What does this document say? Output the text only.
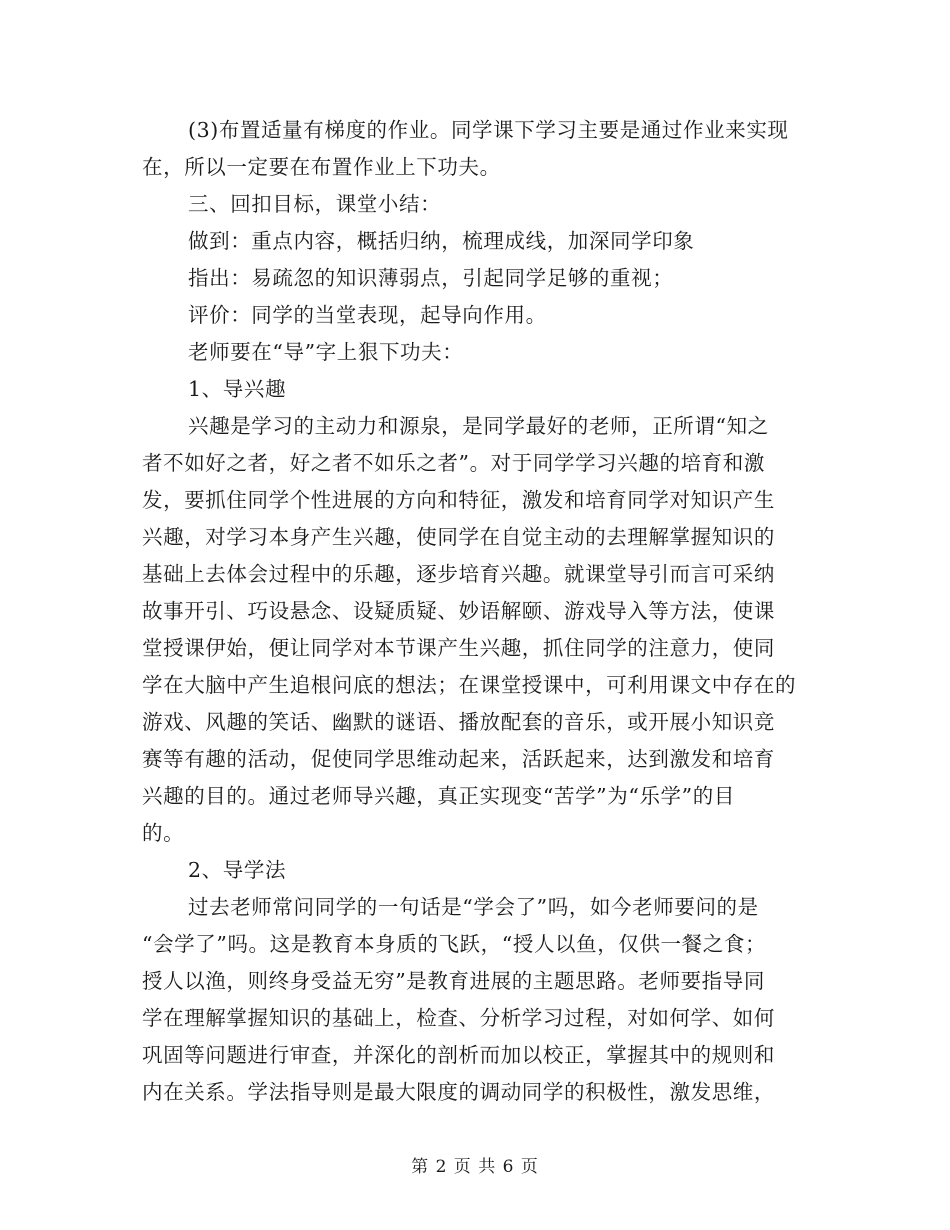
(3)布置适量有梯度的作业。同学课下学习主要是通过作业来实现
在，所以一定要在布置作业上下功夫。
三、回扣目标，课堂小结：
做到：重点内容，概括归纳，梳理成线，加深同学印象
指出：易疏忽的知识薄弱点，引起同学足够的重视；
评价：同学的当堂表现，起导向作用。
老师要在“导”字上狠下功夫：
1、导兴趣
兴趣是学习的主动力和源泉，是同学最好的老师，正所谓“知之
者不如好之者，好之者不如乐之者”。对于同学学习兴趣的培育和激
发，要抓住同学个性进展的方向和特征，激发和培育同学对知识产生
兴趣，对学习本身产生兴趣，使同学在自觉主动的去理解掌握知识的
基础上去体会过程中的乐趣，逐步培育兴趣。就课堂导引而言可采纳
故事开引、巧设悬念、设疑质疑、妙语解颐、游戏导入等方法，使课
堂授课伊始，便让同学对本节课产生兴趣，抓住同学的注意力，使同
学在大脑中产生追根问底的想法；在课堂授课中，可利用课文中存在的
游戏、风趣的笑话、幽默的谜语、播放配套的音乐，或开展小知识竞
赛等有趣的活动，促使同学思维动起来，活跃起来，达到激发和培育
兴趣的目的。通过老师导兴趣，真正实现变“苦学”为“乐学”的目
的。
2、导学法
过去老师常问同学的一句话是“学会了”吗，如今老师要问的是
“会学了”吗。这是教育本身质的飞跃，“授人以鱼，仅供一餐之食；
授人以渔，则终身受益无穷”是教育进展的主题思路。老师要指导同
学在理解掌握知识的基础上，检查、分析学习过程，对如何学、如何
巩固等问题进行审查，并深化的剖析而加以校正，掌握其中的规则和
内在关系。学法指导则是最大限度的调动同学的积极性，激发思维，
第 2 页 共 6 页
